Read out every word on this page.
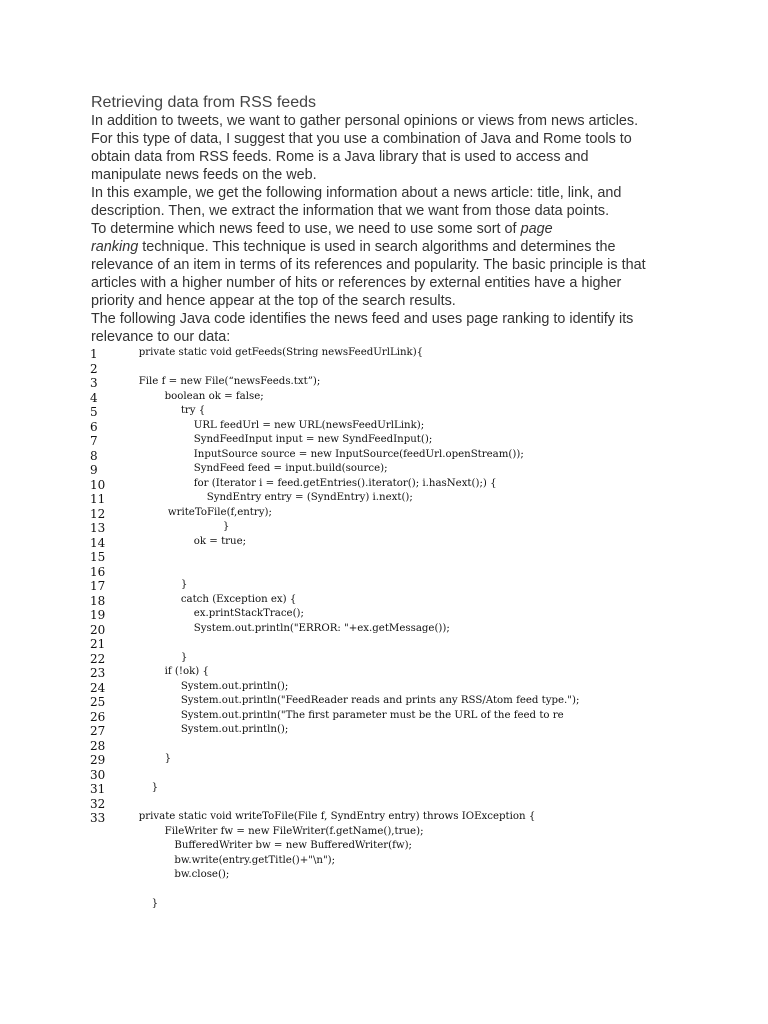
Retrieving data from RSS feeds
In addition to tweets, we want to gather personal opinions or views from news articles.
For this type of data, I suggest that you use a combination of Java and Rome tools to
obtain data from RSS feeds. Rome is a Java library that is used to access and
manipulate news feeds on the web.
In this example, we get the following information about a news article: title, link, and
description. Then, we extract the information that we want from those data points.
To determine which news feed to use, we need to use some sort of page
ranking technique. This technique is used in search algorithms and determines the
relevance of an item in terms of its references and popularity. The basic principle is that
articles with a higher number of hits or references by external entities have a higher
priority and hence appear at the top of the search results.
The following Java code identifies the news feed and uses page ranking to identify its
relevance to our data:
1	private static void getFeeds(String newsFeedUrlLink){
2
3	File f = new File(“newsFeeds.txt”);
4	boolean ok = false;
5	try {
6	URL feedUrl = new URL(newsFeedUrlLink);
7	SyndFeedInput input = new SyndFeedInput();
8	InputSource source = new InputSource(feedUrl.openStream());
9	SyndFeed feed = input.build(source);
10 for (Iterator i = feed.getEntries().iterator(); i.hasNext();) {
11 SyndEntry entry = (SyndEntry) i.next();
12 writeToFile(f,entry);
13 }
14 ok = true;
15
16
17 }
18 catch (Exception ex) {
19 ex.printStackTrace();
20 System.out.println("ERROR: "+ex.getMessage());
21
22 }
23 if (!ok) {
24 System.out.println();
25 System.out.println("FeedReader reads and prints any RSS/Atom feed type.");
26 System.out.println("The first parameter must be the URL of the feed to re
27 System.out.println();
28
29 }
30
31 }
32
33 private static void writeToFile(File f, SyndEntry entry) throws IOException {
FileWriter fw = new FileWriter(f.getName(),true);
BufferedWriter bw = new BufferedWriter(fw);
bw.write(entry.getTitle()+"\n");
bw.close();
}
